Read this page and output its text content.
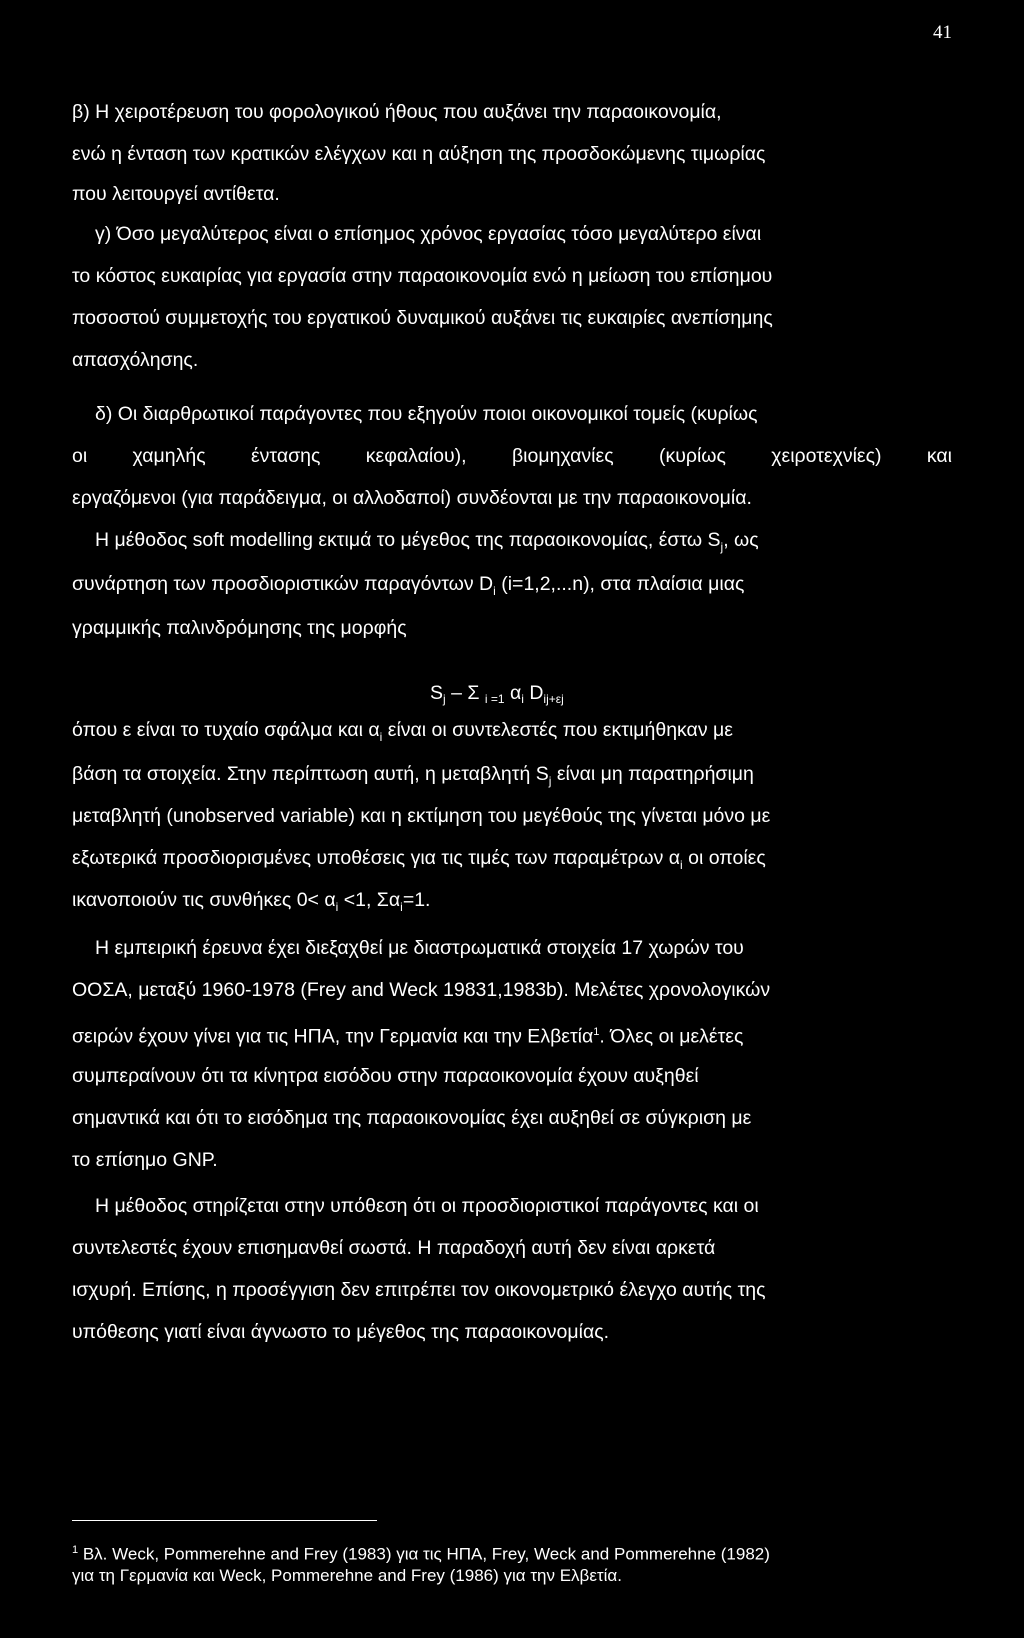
41
β) Η χειροτέρευση του φορολογικού ήθους που αυξάνει την παραοικονομία,
ενώ η ένταση των κρατικών ελέγχων και η αύξηση της προσδοκώμενης τιμωρίας
που λειτουργεί αντίθετα.
γ) Όσο μεγαλύτερος είναι ο επίσημος χρόνος εργασίας τόσο μεγαλύτερο είναι
το κόστος ευκαιρίας για εργασία στην παραοικονομία ενώ η μείωση του επίσημου
ποσοστού συμμετοχής του εργατικού δυναμικού αυξάνει τις ευκαιρίες ανεπίσημης
απασχόλησης.
δ) Οι διαρθρωτικοί παράγοντες που εξηγούν ποιοι οικονομικοί τομείς (κυρίως
οι χαμηλής έντασης κεφαλαίου), βιομηχανίες (κυρίως χειροτεχνίες) και
εργαζόμενοι (για παράδειγμα, οι αλλοδαποί) συνδέονται με την παραοικονομία.
Η μέθοδος soft modelling εκτιμά το μέγεθος της παραοικονομίας, έστω $S_j$, ως
συνάρτηση των προσδιοριστικών παραγόντων $D_i$ (i=1,2,...n), στα πλαίσια μιας
γραμμικής παλινδρόμησης της μορφής
$S_j$ – Σ $_{i =1}$ $\alpha_i$ $D_{ij+\varepsilon j}$
όπου ε είναι το τυχαίο σφάλμα και $\alpha_i$ είναι οι συντελεστές που εκτιμήθηκαν με
βάση τα στοιχεία. Στην περίπτωση αυτή, η μεταβλητή $S_j$ είναι μη παρατηρήσιμη
μεταβλητή (unobserved variable) και η εκτίμηση του μεγέθούς της γίνεται μόνο με
εξωτερικά προσδιορισμένες υποθέσεις για τις τιμές των παραμέτρων $\alpha_i$ οι οποίες
ικανοποιούν τις συνθήκες $0< \alpha_i <1$, $\Sigma\alpha_i=1$.
Η εμπειρική έρευνα έχει διεξαχθεί με διαστρωματικά στοιχεία 17 χωρών του
ΟΟΣΑ, μεταξύ 1960-1978 (Frey and Weck 19831,1983b). Μελέτες χρονολογικών
σειρών έχουν γίνει για τις ΗΠΑ, την Γερμανία και την Ελβετία$^1$. Όλες οι μελέτες
συμπεραίνουν ότι τα κίνητρα εισόδου στην παραοικονομία έχουν αυξηθεί
σημαντικά και ότι το εισόδημα της παραοικονομίας έχει αυξηθεί σε σύγκριση με
το επίσημο GNP.
Η μέθοδος στηρίζεται στην υπόθεση ότι οι προσδιοριστικοί παράγοντες και οι
συντελεστές έχουν επισημανθεί σωστά. Η παραδοχή αυτή δεν είναι αρκετά
ισχυρή. Επίσης, η προσέγγιση δεν επιτρέπει τον οικονομετρικό έλεγχο αυτής της
υπόθεσης γιατί είναι άγνωστο το μέγεθος της παραοικονομίας.
$^1$ Βλ. Weck, Pommerehne and Frey (1983) για τις ΗΠΑ, Frey, Weck and Pommerehne (1982)
για τη Γερμανία και Weck, Pommerehne and Frey (1986) για την Ελβετία.
